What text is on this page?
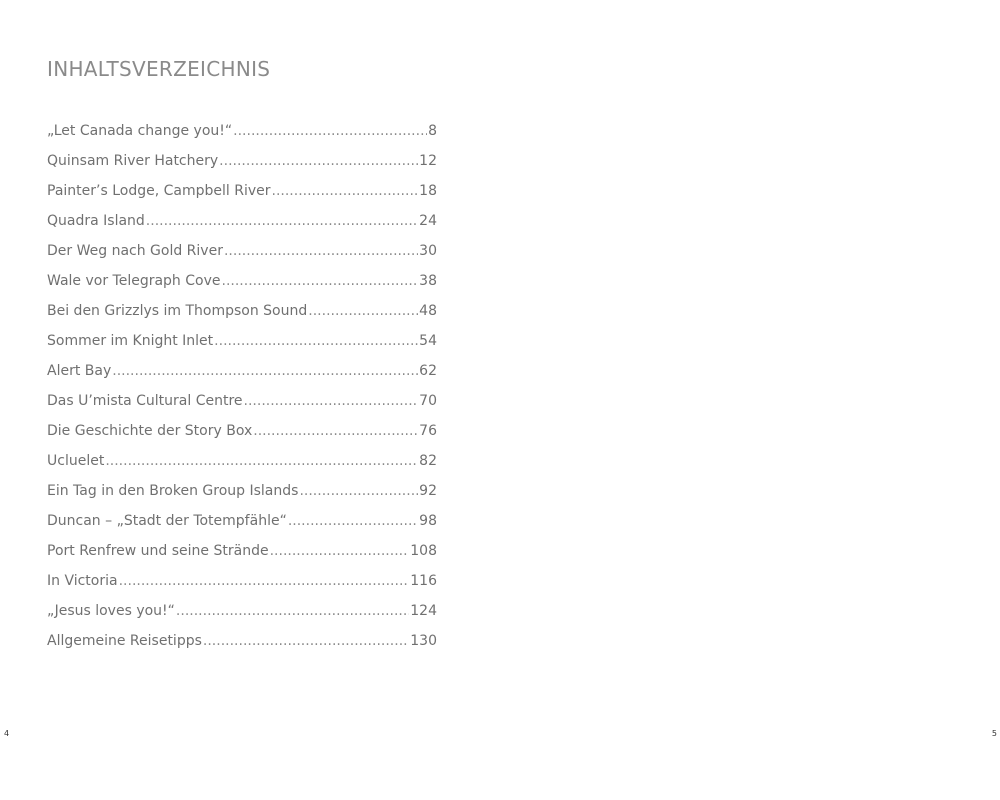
INHALTSVERZEICHNIS
„Let Canada change you!“ .....	8
Quinsam River Hatchery .....	12
Painter’s Lodge, Campbell River .....	18
Quadra Island .....	24
Der Weg nach Gold River .....	30
Wale vor Telegraph Cove .....	38
Bei den Grizzlys im Thompson Sound .....	48
Sommer im Knight Inlet .....	54
Alert Bay .....	62
Das U’mista Cultural Centre .....	70
Die Geschichte der Story Box .....	76
Ucluelet .....	82
Ein Tag in den Broken Group Islands .....	92
Duncan – „Stadt der Totempfähle“ .....	98
Port Renfrew und seine Strände .....	108
In Victoria .....	116
„Jesus loves you!“ .....	124
Allgemeine Reisetipps .....	130
4	5
